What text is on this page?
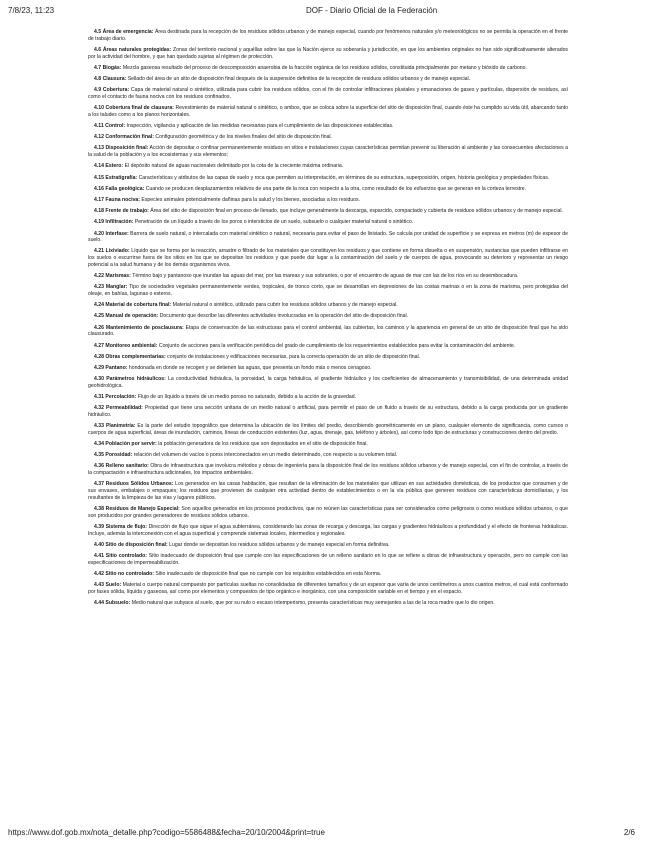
7/8/23, 11:23	DOF - Diario Oficial de la Federación

4.5 Área de emergencia: Área destinada para la recepción de los residuos sólidos urbanos y de manejo especial, cuando por fenómenos naturales y/o meteorológicos no se permita la operación en el frente de trabajo diario.

4.6 Áreas naturales protegidas: Zonas del territorio nacional y aquéllas sobre las que la Nación ejerce su soberanía y jurisdicción, en que los ambientes originales no han sido significativamente alterados por la actividad del hombre, y que han quedado sujetas al régimen de protección.

4.7 Biogás: Mezcla gaseosa resultado del proceso de descomposición anaerobia de la fracción orgánica de los residuos sólidos, constituida principalmente por metano y bióxido de carbono.

4.8 Clausura: Sellado del área de un sitio de disposición final después de la suspensión definitiva de la recepción de residuos sólidos urbanos y de manejo especial.

4.9 Cobertura: Capa de material natural o sintético, utilizada para cubrir los residuos sólidos, con el fin de controlar infiltraciones pluviales y emanaciones de gases y partículas, dispersión de residuos, así como el contacto de fauna nociva con los residuos confinados.

4.10 Cobertura final de clausura: Revestimiento de material natural o sintético, o ambos, que se coloca sobre la superficie del sitio de disposición final, cuando éste ha cumplido su vida útil, abarcando tanto a los taludes como a los planos horizontales.

4.11 Control: Inspección, vigilancia y aplicación de las medidas necesarias para el cumplimiento de las disposiciones establecidas.

4.12 Conformación final: Configuración geométrica y de los niveles finales del sitio de disposición final.

4.13 Disposición final: Acción de depositar o confinar permanentemente residuos en sitios e instalaciones cuyas características permitan prevenir su liberación al ambiente y las consecuentes afectaciones a la salud de la población y a los ecosistemas y sus elementos;

4.14 Estero: El depósito natural de aguas nacionales delimitado por la cota de la creciente máxima ordinaria.

4.15 Estratigrafía: Características y atributos de las capas de suelo y roca que permiten su interpretación, en términos de su estructura, superposición, origen, historia geológica y propiedades físicas.

4.16 Falla geológica: Cuando se producen desplazamientos relativos de una parte de la roca con respecto a la otra, como resultado de los esfuerzos que se generan en la corteza terrestre.

4.17 Fauna nociva: Especies animales potencialmente dañinas para la salud y los bienes, asociadas a los residuos.

4.18 Frente de trabajo: Área del sitio de disposición final en proceso de llenado, que incluye generalmente la descarga, esparcido, compactado y cubierta de residuos sólidos urbanos y de manejo especial.

4.19 Infiltración: Penetración de un líquido a través de los poros o intersticios de un suelo, subsuelo o cualquier material natural o sintético.

4.20 Interfase: Barrera de suelo natural, o intercalada con material sintético o natural, necesaria para evitar el paso de lixiviado. Se calcula por unidad de superficie y se expresa en metros (m) de espesor de suelo.

4.21 Lixiviado: Líquido que se forma por la reacción, arrastre o filtrado de los materiales que constituyen los residuos y que contiene en forma disuelta o en suspensión, sustancias que pueden infiltrarse en los suelos o escurrirse fuera de los sitios en los que se depositan los residuos y que puede dar lugar a la contaminación del suelo y de cuerpos de agua, provocando su deterioro y representar un riesgo potencial a la salud humana y de los demás organismos vivos.

4.22 Marismas: Término bajo y pantanoso que inundan las aguas del mar, por las mareas y sus sobrantes, o por el encuentro de aguas de mar con las de los ríos en su desembocadura.

4.23 Manglar: Tipo de sociedades vegetales permanentemente verdes, tropicales, de tronco corto, que se desarrollan en depresiones de las costas marinas o en la zona de marisma, pero protegidas del oleaje, en bahías, lagunas o esteros.

4.24 Material de cobertura final: Material natural o sintético, utilizado para cubrir los residuos sólidos urbanos y de manejo especial.

4.25 Manual de operación: Documento que describe las diferentes actividades involucradas en la operación del sitio de disposición final.

4.26 Mantenimiento de posclausura: Etapa de conservación de las estructuras para el control ambiental, las cubiertas, los caminos y la apariencia en general de un sitio de disposición final que ha sido clausurado.

4.27 Monitoreo ambiental: Conjunto de acciones para la verificación periódica del grado de cumplimiento de los requerimientos establecidos para evitar la contaminación del ambiente.

4.28 Obras complementarias: conjunto de instalaciones y edificaciones necesarias, para la correcta operación de un sitio de disposición final.

4.29 Pantano: hondonada en donde se recogen y se detienen las aguas, que presenta un fondo más o menos cenagoso.

4.30 Parámetros hidráulicos: La conductividad hidráulica, la porosidad, la carga hidráulica, el gradiente hidráulico y los coeficientes de almacenamiento y transmisibilidad, de una determinada unidad geohidrológica.

4.31 Percolación: Flujo de un líquido a través de un medio poroso no saturado, debido a la acción de la gravedad.

4.32 Permeabilidad: Propiedad que tiene una sección unitaria de un medio natural o artificial, para permitir el paso de un fluido a través de su estructura, debido a la carga producida por un gradiente hidráulico.

4.33 Planimetría: Es la parte del estudio topográfico que determina la ubicación de los límites del predio, describiendo geométricamente en un plano, cualquier elemento de significancia, como cursos o cuerpos de agua superficial, áreas de inundación, caminos, líneas de conducción existentes (luz, agua, drenaje, gas, teléfono y árboles), así como todo tipo de estructuras y construcciones dentro del predio.

4.34 Población por servir: la población generadora de los residuos que son depositados en el sitio de disposición final.

4.35 Porosidad: relación del volumen de vacíos o poros interconectados en un medio determinado, con respecto a su volumen total.

4.36 Relleno sanitario: Obra de infraestructura que involucra métodos y obras de ingeniería para la disposición final de los residuos sólidos urbanos y de manejo especial, con el fin de controlar, a través de la compactación e infraestructura adicionales, los impactos ambientales.

4.37 Residuos Sólidos Urbanos: Los generados en las casas habitación, que resultan de la eliminación de los materiales que utilizan en sus actividades domésticas, de los productos que consumen y de sus envases, embalajes o empaques; los residuos que provienen de cualquier otra actividad dentro de establecimientos o en la vía pública que generen residuos con características domiciliarias, y los resultantes de la limpieza de las vías y lugares públicos.

4.38 Residuos de Manejo Especial: Son aquellos generados en los procesos productivos, que no reúnen las características para ser considerados como peligrosos o como residuos sólidos urbanos, o que son producidos por grandes generadores de residuos sólidos urbanos.

4.39 Sistema de flujo: Dirección de flujo que sigue el agua subterránea, considerando las zonas de recarga y descarga, las cargas y gradientes hidráulicos a profundidad y el efecto de fronteras hidráulicas. Incluye, además la interconexión con el agua superficial y comprende sistemas locales, intermedios y regionales.

4.40 Sitio de disposición final: Lugar donde se depositan los residuos sólidos urbanos y de manejo especial en forma definitiva.

4.41 Sitio controlado: Sitio inadecuado de disposición final que cumple con las especificaciones de un relleno sanitario en lo que se refiere a obras de infraestructura y operación, pero no cumple con las especificaciones de impermeabilización.

4.42 Sitio no controlado: Sitio inadecuado de disposición final que no cumple con los requisitos establecidos en esta Norma.

4.43 Suelo: Material o cuerpo natural compuesto por partículas sueltas no consolidadas de diferentes tamaños y de un espesor que varía de unos centímetros a unos cuantos metros, el cual está conformado por fases sólida, líquida y gaseosa, así como por elementos y compuestos de tipo orgánico e inorgánico, con una composición variable en el tiempo y en el espacio.

4.44 Subsuelo: Medio natural que subyace al suelo, que por su nulo o escaso intemperismo, presenta características muy semejantes a las de la roca madre que lo dio origen.

https://www.dof.gob.mx/nota_detalle.php?codigo=5586488&fecha=20/10/2004&print=true	2/6
